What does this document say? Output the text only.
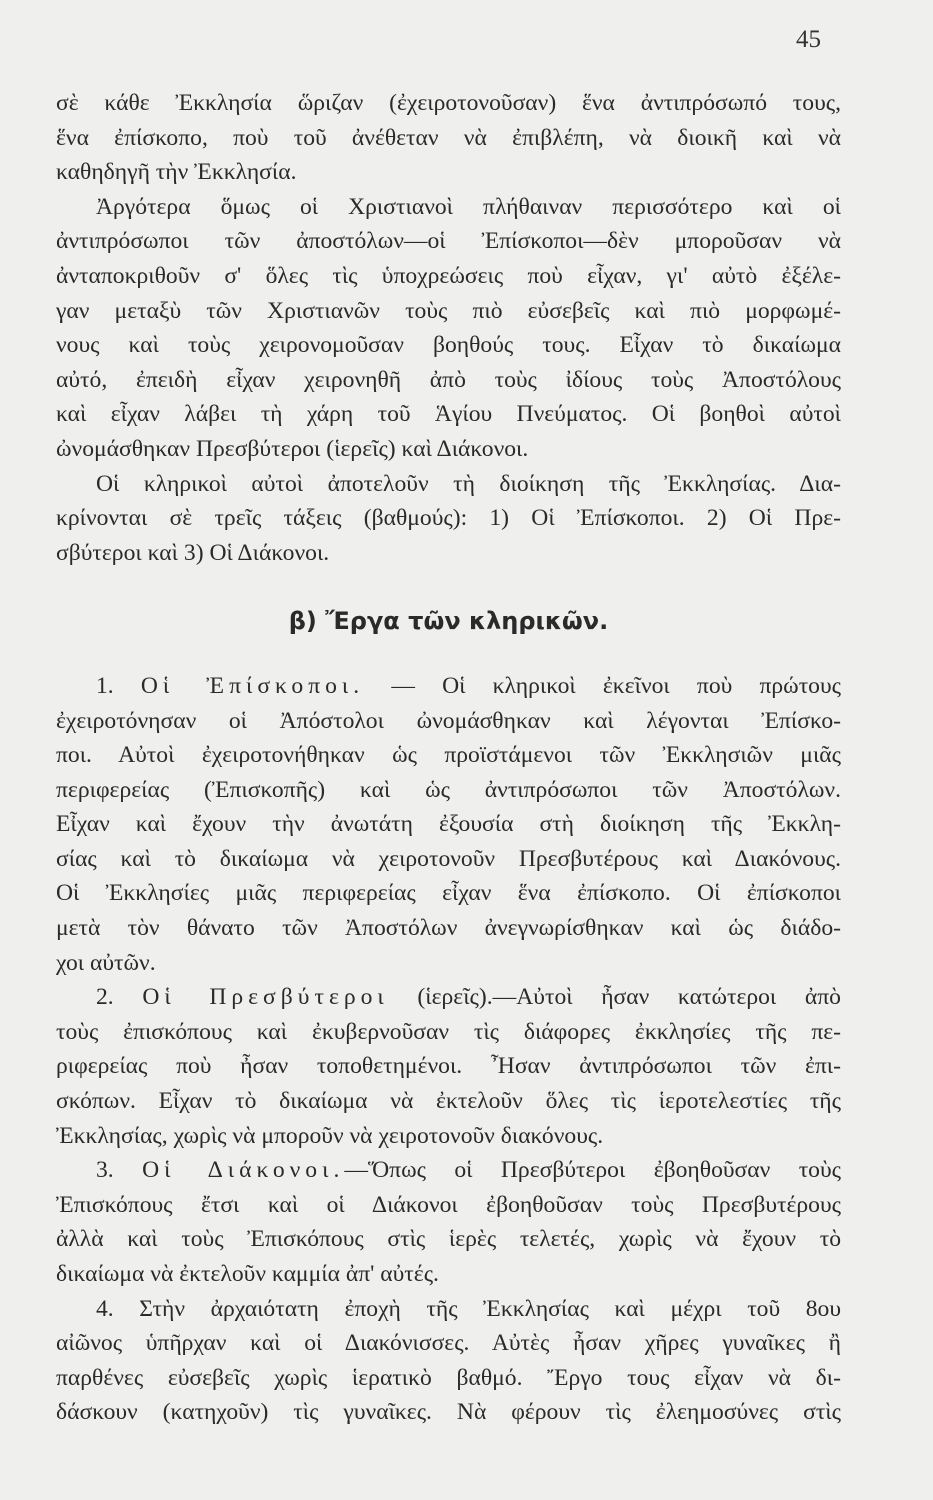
45
σὲ κάθε Ἐκκλησία ὥριζαν (ἐχειροτονοῦσαν) ἕνα ἀντιπρόσωπό τους,
ἕνα ἐπίσκοπο, ποὺ τοῦ ἀνέθεταν νὰ ἐπιβλέπη, νὰ διοικῆ καὶ νὰ
καθηδηγῆ τὴν Ἐκκλησία.
Ἀργότερα ὅμως οἱ Χριστιανοὶ πλήθαιναν περισσότερο καὶ οἱ
ἀντιπρόσωποι τῶν ἀποστόλων—οἱ Ἐπίσκοποι—δὲν μποροῦσαν νὰ
ἀνταποκριθοῦν σ' ὅλες τὶς ὑποχρεώσεις ποὺ εἶχαν, γι' αὐτὸ ἐξέλε-
γαν μεταξὺ τῶν Χριστιανῶν τοὺς πιὸ εὐσεβεῖς καὶ πιὸ μορφωμέ-
νους καὶ τοὺς χειρονομοῦσαν βοηθούς τους. Εἶχαν τὸ δικαίωμα
αὐτό, ἐπειδὴ εἶχαν χειρονηθῆ ἀπὸ τοὺς ἰδίους τοὺς Ἀποστόλους
καὶ εἶχαν λάβει τὴ χάρη τοῦ Ἁγίου Πνεύματος. Οἱ βοηθοὶ αὐτοὶ
ὠνομάσθηκαν Πρεσβύτεροι (ἱερεῖς) καὶ Διάκονοι.
Οἱ κληρικοὶ αὐτοὶ ἀποτελοῦν τὴ διοίκηση τῆς Ἐκκλησίας. Δια-
κρίνονται σὲ τρεῖς τάξεις (βαθμούς): 1) Οἱ Ἐπίσκοποι. 2) Οἱ Πρε-
σβύτεροι καὶ 3) Οἱ Διάκονοι.
β) Ἔργα τῶν κληρικῶν.
1. Οἱ Ἐπίσκοποι. — Οἱ κληρικοὶ ἐκεῖνοι ποὺ πρώτους
ἐχειροτόνησαν οἱ Ἀπόστολοι ὠνομάσθηκαν καὶ λέγονται Ἐπίσκο-
ποι. Αὐτοὶ ἐχειροτονήθηκαν ὡς προϊστάμενοι τῶν Ἐκκλησιῶν μιᾶς
περιφερείας (Ἐπισκοπῆς) καὶ ὡς ἀντιπρόσωποι τῶν Ἀποστόλων.
Εἶχαν καὶ ἔχουν τὴν ἀνωτάτη ἐξουσία στὴ διοίκηση τῆς Ἐκκλη-
σίας καὶ τὸ δικαίωμα νὰ χειροτονοῦν Πρεσβυτέρους καὶ Διακόνους.
Οἱ Ἐκκλησίες μιᾶς περιφερείας εἶχαν ἕνα ἐπίσκοπο. Οἱ ἐπίσκοποι
μετὰ τὸν θάνατο τῶν Ἀποστόλων ἀνεγνωρίσθηκαν καὶ ὡς διάδο-
χοι αὐτῶν.
2. Οἱ Πρεσβύτεροι (ἱερεῖς).—Αὐτοὶ ἦσαν κατώτεροι ἀπὸ
τοὺς ἐπισκόπους καὶ ἐκυβερνοῦσαν τὶς διάφορες ἐκκλησίες τῆς πε-
ριφερείας ποὺ ἦσαν τοποθετημένοι. Ἦσαν ἀντιπρόσωποι τῶν ἐπι-
σκόπων. Εἶχαν τὸ δικαίωμα νὰ ἐκτελοῦν ὅλες τὶς ἱεροτελεστίες τῆς
Ἐκκλησίας, χωρὶς νὰ μποροῦν νὰ χειροτονοῦν διακόνους.
3. Οἱ Διάκονοι.—Ὅπως οἱ Πρεσβύτεροι ἐβοηθοῦσαν τοὺς
Ἐπισκόπους ἔτσι καὶ οἱ Διάκονοι ἐβοηθοῦσαν τοὺς Πρεσβυτέρους
ἀλλὰ καὶ τοὺς Ἐπισκόπους στὶς ἱερὲς τελετές, χωρὶς νὰ ἔχουν τὸ
δικαίωμα νὰ ἐκτελοῦν καμμία ἀπ' αὐτές.
4. Στὴν ἀρχαιότατη ἐποχὴ τῆς Ἐκκλησίας καὶ μέχρι τοῦ 8ου
αἰῶνος ὑπῆρχαν καὶ οἱ Διακόνισσες. Αὐτὲς ἦσαν χῆρες γυναῖκες ἢ
παρθένες εὐσεβεῖς χωρὶς ἱερατικὸ βαθμό. Ἔργο τους εἶχαν νὰ δι-
δάσκουν (κατηχοῦν) τὶς γυναῖκες. Νὰ φέρουν τὶς ἐλεημοσύνες στὶς
